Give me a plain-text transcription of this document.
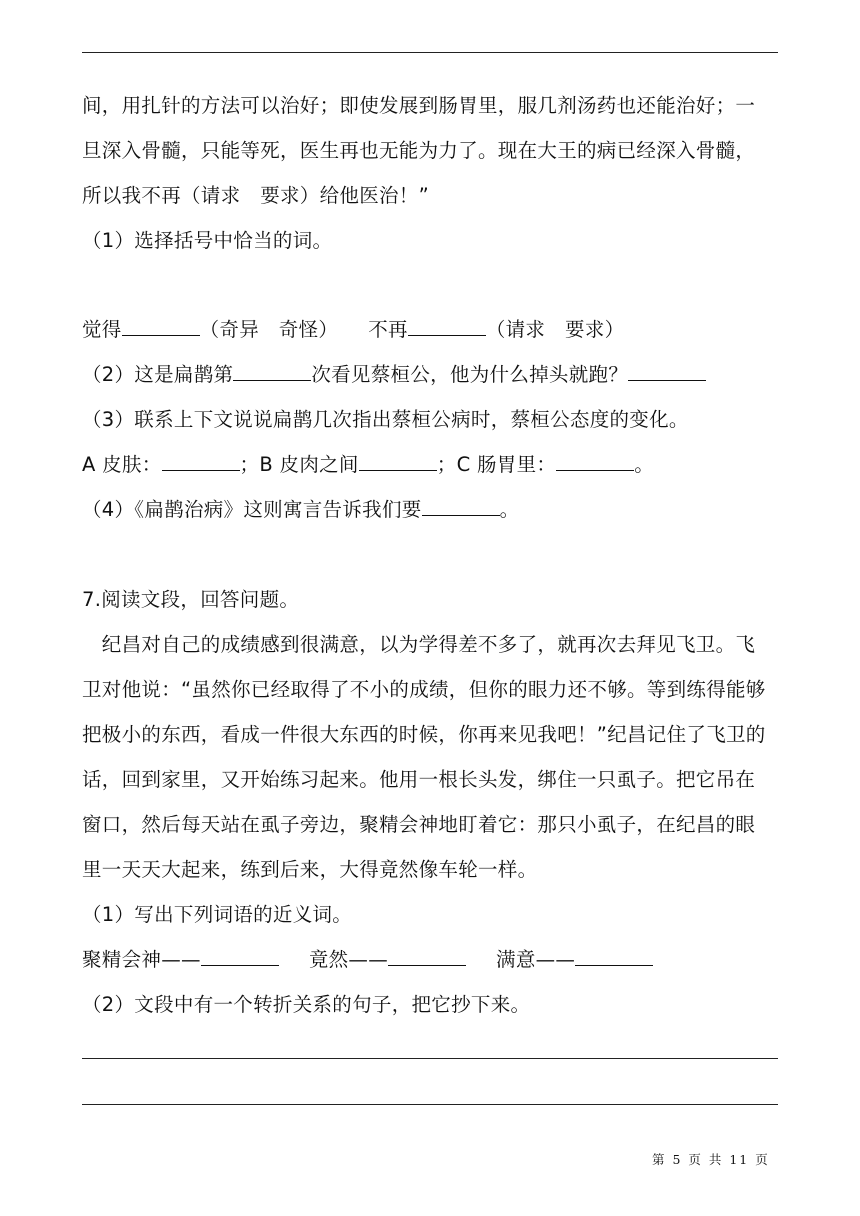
间，用扎针的方法可以治好；即使发展到肠胃里，服几剂汤药也还能治好；一
旦深入骨髓，只能等死，医生再也无能为力了。现在大王的病已经深入骨髓，
所以我不再（请求　要求）给他医治！”
（1）选择括号中恰当的词。
觉得	（奇异　奇怪） 不再	（请求　要求）
（2）这是扁鹊第	次看见蔡桓公，他为什么掉头就跑？
（3）联系上下文说说扁鹊几次指出蔡桓公病时，蔡桓公态度的变化。
A 皮肤：	；B 皮肉之间	；C 肠胃里：	。
（4）《扁鹊治病》这则寓言告诉我们要	。
7.阅读文段，回答问题。
　纪昌对自己的成绩感到很满意，以为学得差不多了，就再次去拜见飞卫。飞
卫对他说：“虽然你已经取得了不小的成绩，但你的眼力还不够。等到练得能够
把极小的东西，看成一件很大东西的时候，你再来见我吧！”纪昌记住了飞卫的
话，回到家里，又开始练习起来。他用一根长头发，绑住一只虱子。把它吊在
窗口，然后每天站在虱子旁边，聚精会神地盯着它：那只小虱子，在纪昌的眼
里一天天大起来，练到后来，大得竟然像车轮一样。
（1）写出下列词语的近义词。
聚精会神——	竟然——	满意——
（2）文段中有一个转折关系的句子，把它抄下来。
第 5 页 共 11 页
